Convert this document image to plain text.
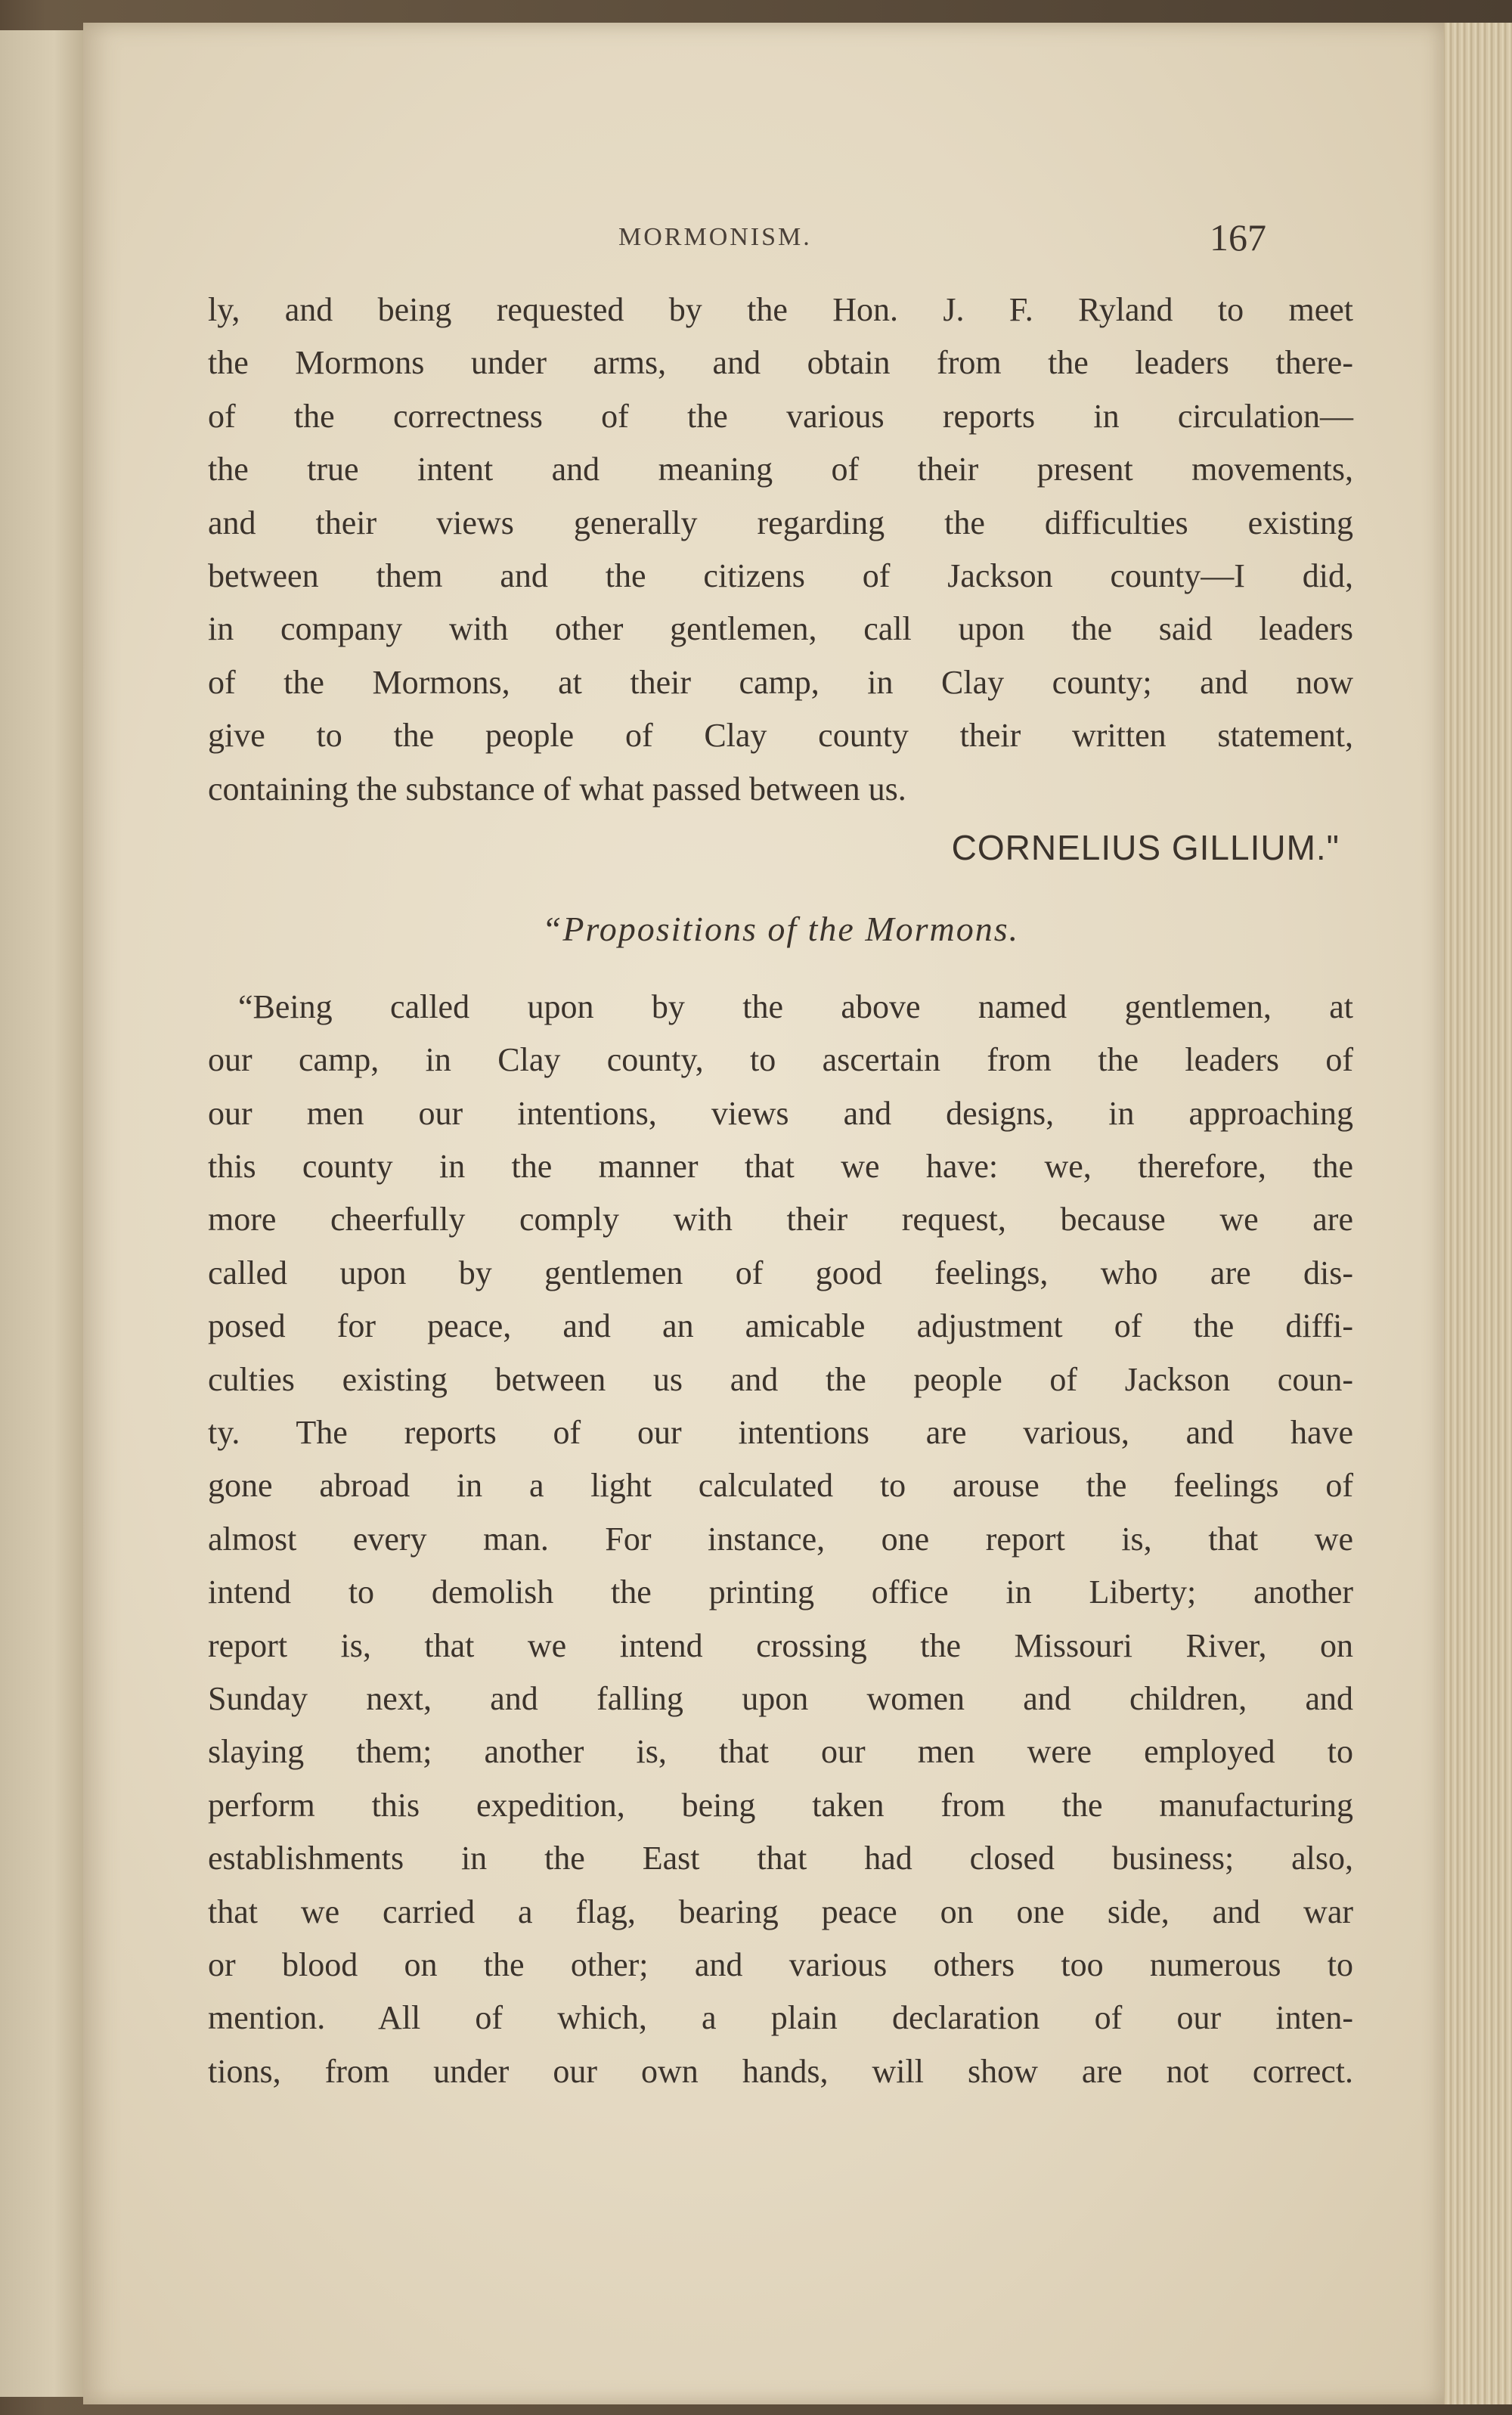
MORMONISM.	167
ly, and being requested by the Hon. J. F. Ryland to meet
the Mormons under arms, and obtain from the leaders there-
of the correctness of the various reports in circulation—
the true intent and meaning of their present movements,
and their views generally regarding the difficulties existing
between them and the citizens of Jackson county—I did,
in company with other gentlemen, call upon the said leaders
of the Mormons, at their camp, in Clay county; and now
give to the people of Clay county their written statement,
containing the substance of what passed between us.
CORNELIUS GILLIUM."
“Propositions of the Mormons.
“Being called upon by the above named gentlemen, at
our camp, in Clay county, to ascertain from the leaders of
our men our intentions, views and designs, in approaching
this county in the manner that we have: we, therefore, the
more cheerfully comply with their request, because we are
called upon by gentlemen of good feelings, who are dis-
posed for peace, and an amicable adjustment of the diffi-
culties existing between us and the people of Jackson coun-
ty. The reports of our intentions are various, and have
gone abroad in a light calculated to arouse the feelings of
almost every man. For instance, one report is, that we
intend to demolish the printing office in Liberty; another
report is, that we intend crossing the Missouri River, on
Sunday next, and falling upon women and children, and
slaying them; another is, that our men were employed to
perform this expedition, being taken from the manufacturing
establishments in the East that had closed business; also,
that we carried a flag, bearing peace on one side, and war
or blood on the other; and various others too numerous to
mention. All of which, a plain declaration of our inten-
tions, from under our own hands, will show are not correct.
